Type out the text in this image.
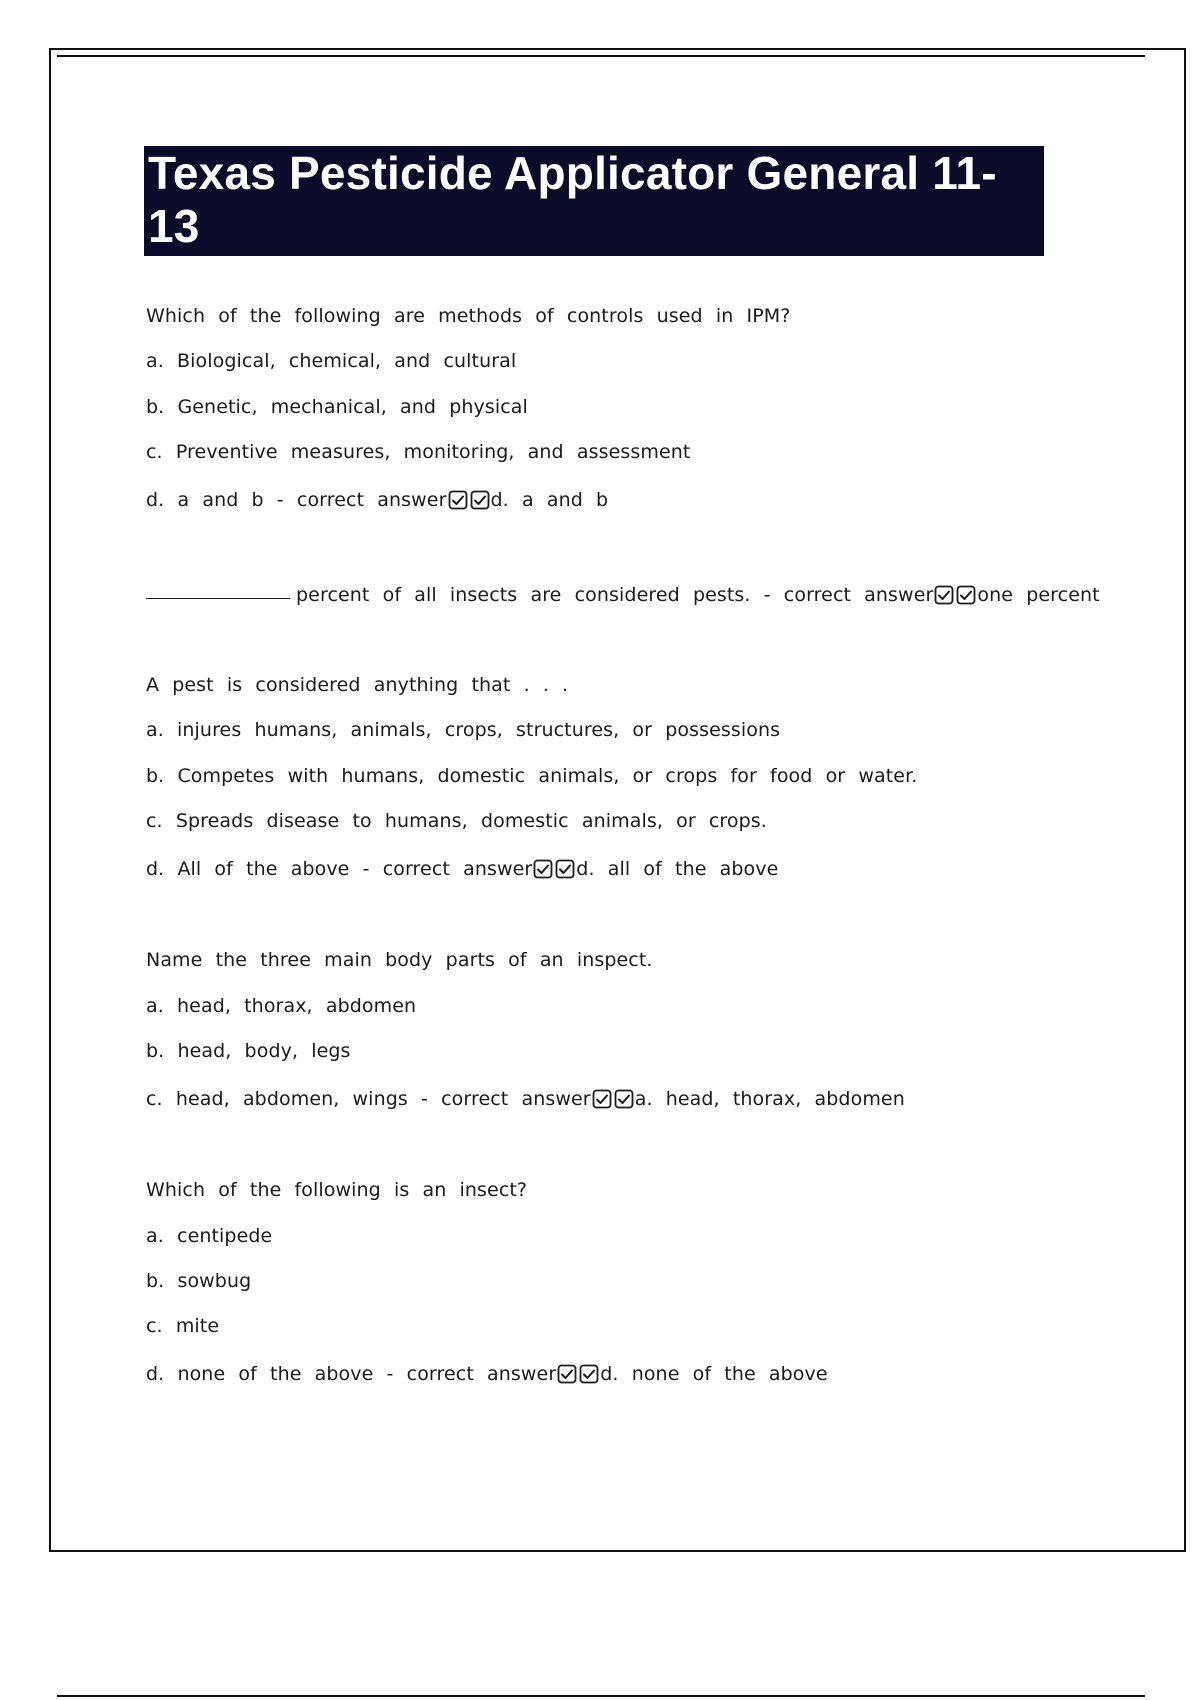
Texas Pesticide Applicator General 11-
13
Which of the following are methods of controls used in IPM?
a. Biological, chemical, and cultural
b. Genetic, mechanical, and physical
c. Preventive measures, monitoring, and assessment
d. a and b - correct answer d. a and b
percent of all insects are considered pests. - correct answer one percent
A pest is considered anything that . . .
a. injures humans, animals, crops, structures, or possessions
b. Competes with humans, domestic animals, or crops for food or water.
c. Spreads disease to humans, domestic animals, or crops.
d. All of the above - correct answer d. all of the above
Name the three main body parts of an inspect.
a. head, thorax, abdomen
b. head, body, legs
c. head, abdomen, wings - correct answer a. head, thorax, abdomen
Which of the following is an insect?
a. centipede
b. sowbug
c. mite
d. none of the above - correct answer d. none of the above
